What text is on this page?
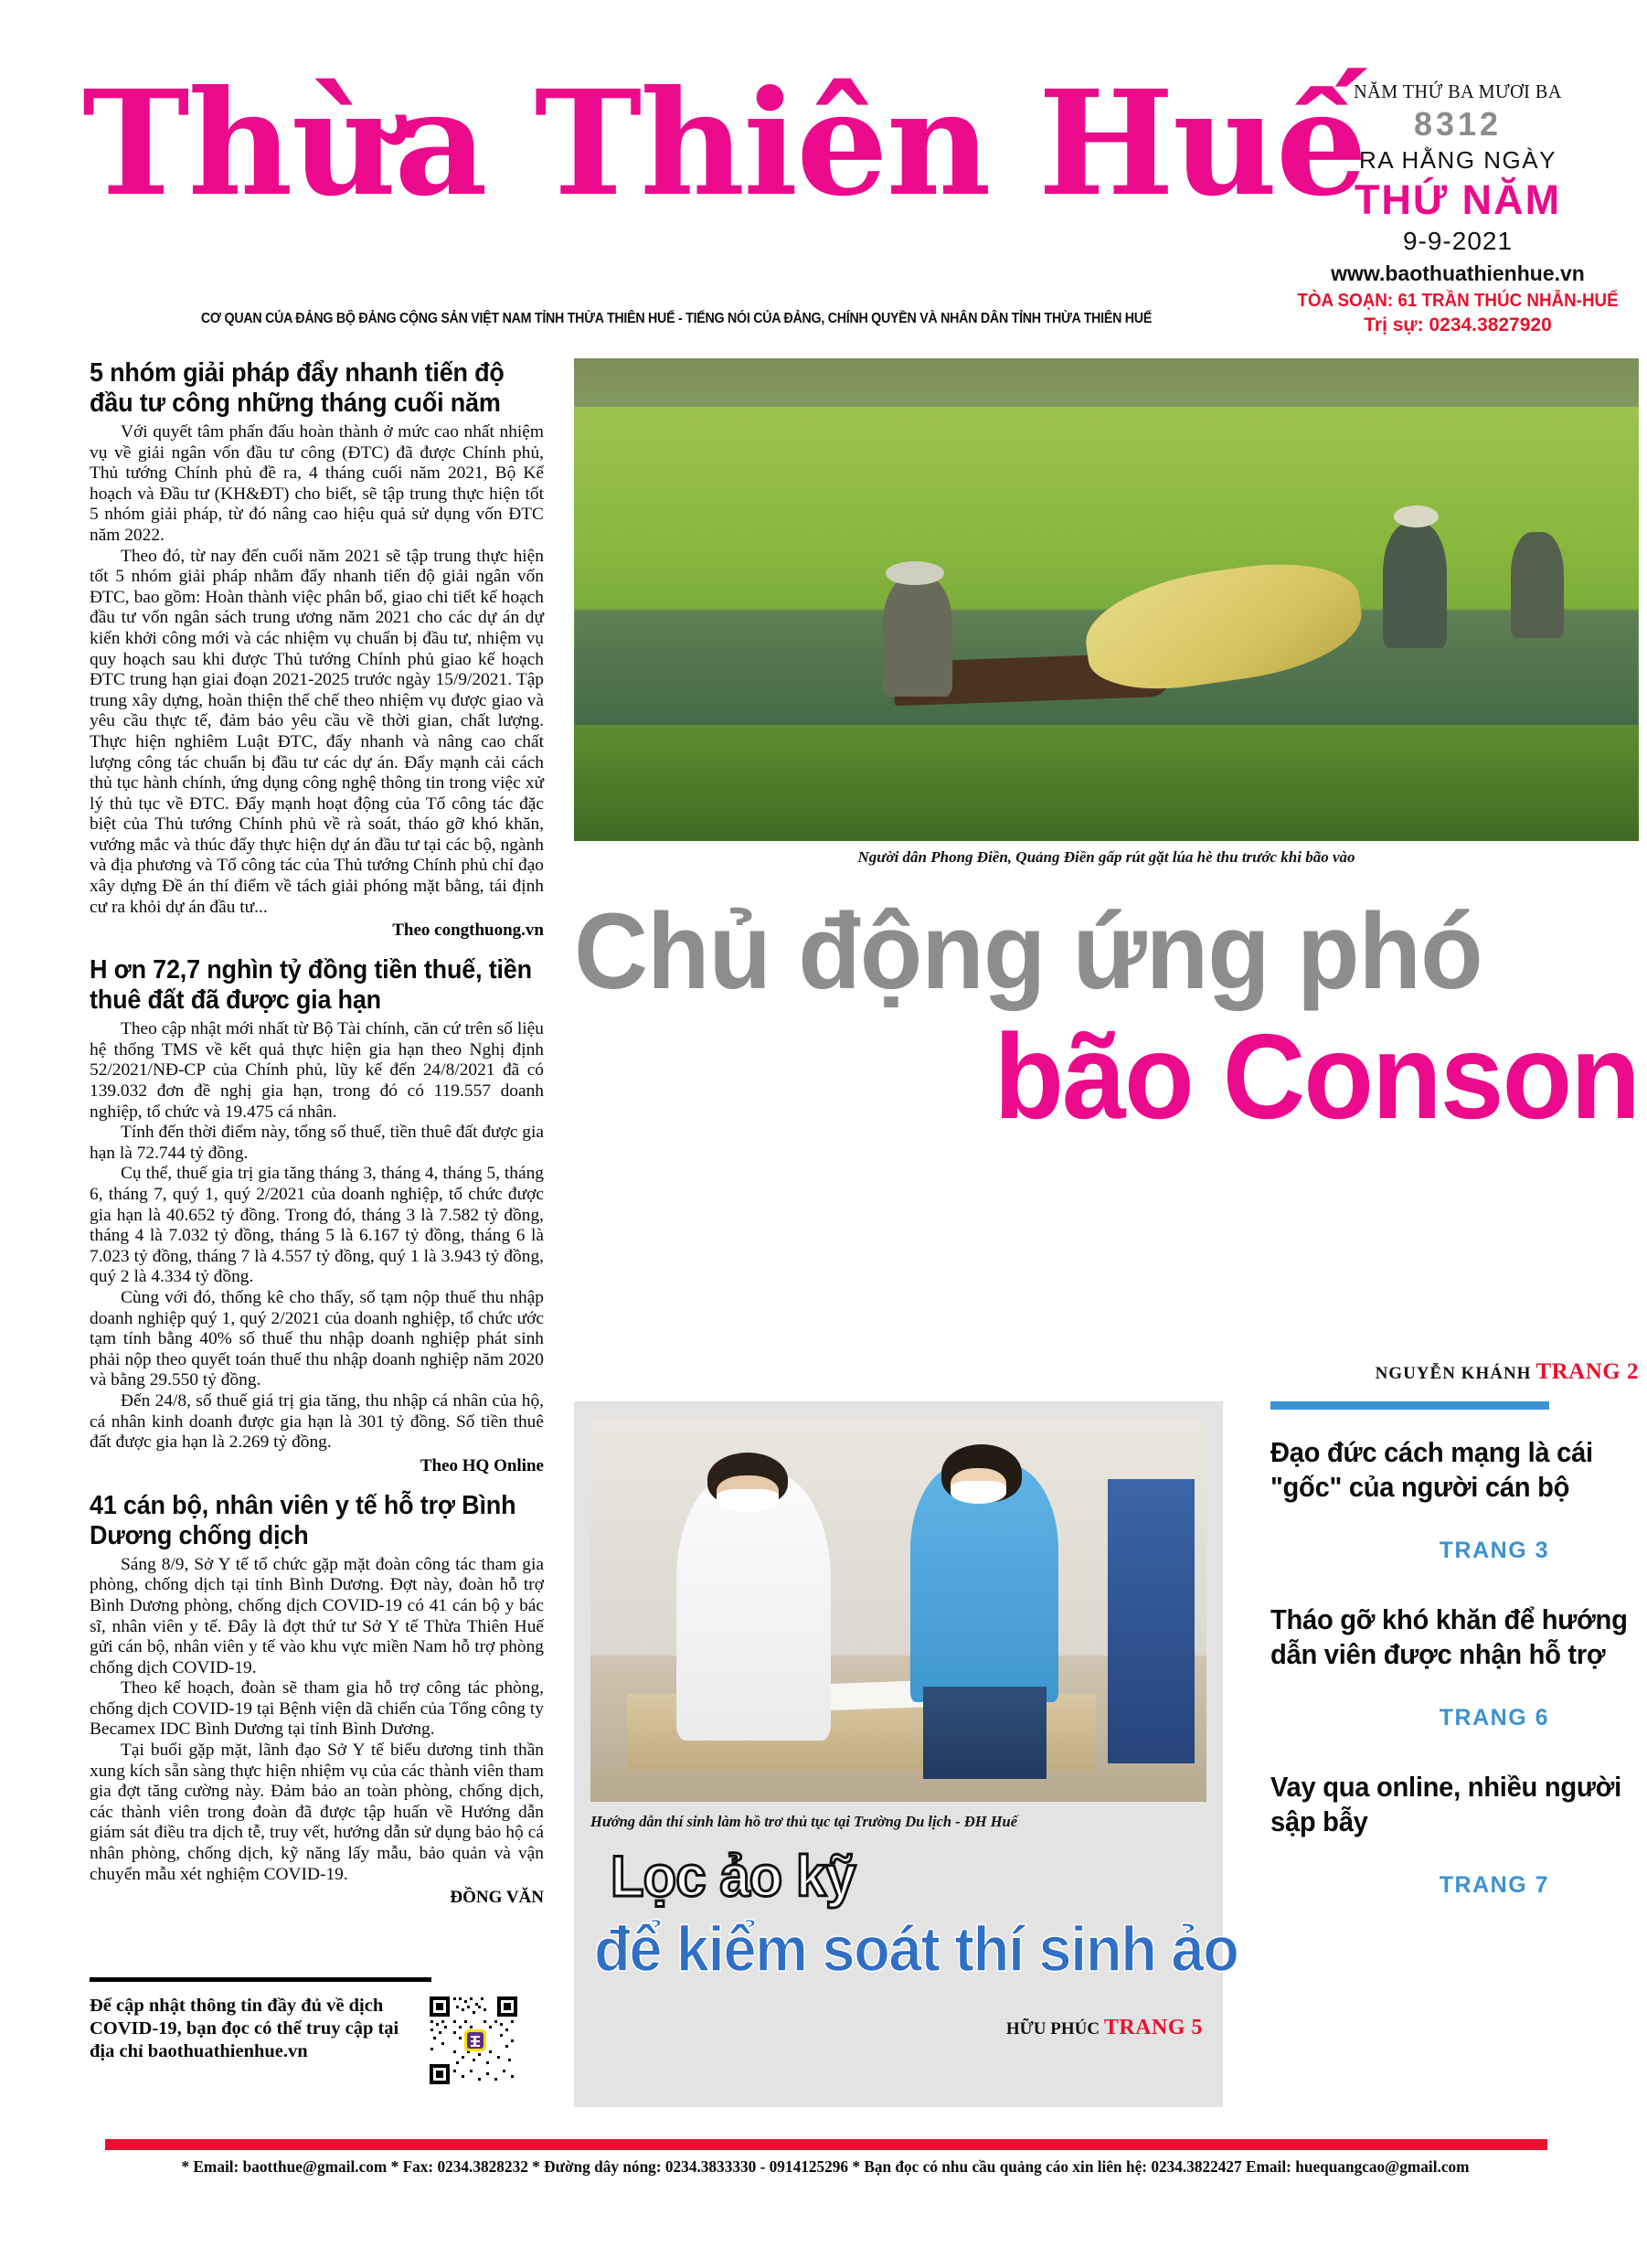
Thừa Thiên Huế
CƠ QUAN CỦA ĐẢNG BỘ ĐẢNG CỘNG SẢN VIỆT NAM TỈNH THỪA THIÊN HUẾ - TIẾNG NÓI CỦA ĐẢNG, CHÍNH QUYỀN VÀ NHÂN DÂN TỈNH THỪA THIÊN HUẾ
NĂM THỨ BA MƯƠI BA
8312
RA HẰNG NGÀY
THỨ NĂM
9-9-2021
www.baothuathienhue.vn
TÒA SOẠN: 61 TRẦN THÚC NHẪN-HUẾ
Trị sự: 0234.3827920
5 nhóm giải pháp đẩy nhanh tiến độ đầu tư công những tháng cuối năm

Với quyết tâm phấn đấu hoàn thành ở mức cao nhất nhiệm vụ về giải ngân vốn đầu tư công (ĐTC) đã được Chính phủ, Thủ tướng Chính phủ đề ra, 4 tháng cuối năm 2021, Bộ Kế hoạch và Đầu tư (KH&ĐT) cho biết, sẽ tập trung thực hiện tốt 5 nhóm giải pháp, từ đó nâng cao hiệu quả sử dụng vốn ĐTC năm 2022.

Theo đó, từ nay đến cuối năm 2021 sẽ tập trung thực hiện tốt 5 nhóm giải pháp nhằm đẩy nhanh tiến độ giải ngân vốn ĐTC, bao gồm: Hoàn thành việc phân bổ, giao chi tiết kế hoạch đầu tư vốn ngân sách trung ương năm 2021 cho các dự án dự kiến khởi công mới và các nhiệm vụ chuẩn bị đầu tư, nhiệm vụ quy hoạch sau khi được Thủ tướng Chính phủ giao kế hoạch ĐTC trung hạn giai đoạn 2021-2025 trước ngày 15/9/2021. Tập trung xây dựng, hoàn thiện thể chế theo nhiệm vụ được giao và yêu cầu thực tế, đảm bảo yêu cầu về thời gian, chất lượng. Thực hiện nghiêm Luật ĐTC, đẩy nhanh và nâng cao chất lượng công tác chuẩn bị đầu tư các dự án. Đẩy mạnh cải cách thủ tục hành chính, ứng dụng công nghệ thông tin trong việc xử lý thủ tục về ĐTC. Đẩy mạnh hoạt động của Tổ công tác đặc biệt của Thủ tướng Chính phủ về rà soát, tháo gỡ khó khăn, vướng mắc và thúc đẩy thực hiện dự án đầu tư tại các bộ, ngành và địa phương và Tổ công tác của Thủ tướng Chính phủ chỉ đạo xây dựng Đề án thí điểm về tách giải phóng mặt bằng, tái định cư ra khỏi dự án đầu tư...

Theo congthuong.vn
H ơn 72,7 nghìn tỷ đồng tiền thuế, tiền thuê đất đã được gia hạn

Theo cập nhật mới nhất từ Bộ Tài chính, căn cứ trên số liệu hệ thống TMS về kết quả thực hiện gia hạn theo Nghị định 52/2021/NĐ-CP của Chính phủ, lũy kế đến 24/8/2021 đã có 139.032 đơn đề nghị gia hạn, trong đó có 119.557 doanh nghiệp, tổ chức và 19.475 cá nhân.

Tính đến thời điểm này, tổng số thuế, tiền thuê đất được gia hạn là 72.744 tỷ đồng.

Cụ thể, thuế gia trị gia tăng tháng 3, tháng 4, tháng 5, tháng 6, tháng 7, quý 1, quý 2/2021 của doanh nghiệp, tổ chức được gia hạn là 40.652 tỷ đồng. Trong đó, tháng 3 là 7.582 tỷ đồng, tháng 4 là 7.032 tỷ đồng, tháng 5 là 6.167 tỷ đồng, tháng 6 là 7.023 tỷ đồng, tháng 7 là 4.557 tỷ đồng, quý 1 là 3.943 tỷ đồng, quý 2 là 4.334 tỷ đồng.

Cùng với đó, thống kê cho thấy, số tạm nộp thuế thu nhập doanh nghiệp quý 1, quý 2/2021 của doanh nghiệp, tổ chức ước tạm tính bằng 40% số thuế thu nhập doanh nghiệp phát sinh phải nộp theo quyết toán thuế thu nhập doanh nghiệp năm 2020 và bằng 29.550 tỷ đồng.

Đến 24/8, số thuế giá trị gia tăng, thu nhập cá nhân của hộ, cá nhân kinh doanh được gia hạn là 301 tỷ đồng. Số tiền thuê đất được gia hạn là 2.269 tỷ đồng.

Theo HQ Online
41 cán bộ, nhân viên y tế hỗ trợ Bình Dương chống dịch

Sáng 8/9, Sở Y tế tổ chức gặp mặt đoàn công tác tham gia phòng, chống dịch tại tỉnh Bình Dương. Đợt này, đoàn hỗ trợ Bình Dương phòng, chống dịch COVID-19 có 41 cán bộ y bác sĩ, nhân viên y tế. Đây là đợt thứ tư Sở Y tế Thừa Thiên Huế gửi cán bộ, nhân viên y tế vào khu vực miền Nam hỗ trợ phòng chống dịch COVID-19.

Theo kế hoạch, đoàn sẽ tham gia hỗ trợ công tác phòng, chống dịch COVID-19 tại Bệnh viện dã chiến của Tổng công ty Becamex IDC Bình Dương tại tỉnh Bình Dương.

Tại buổi gặp mặt, lãnh đạo Sở Y tế biểu dương tinh thần xung kích sẵn sàng thực hiện nhiệm vụ của các thành viên tham gia đợt tăng cường này. Đảm bảo an toàn phòng, chống dịch, các thành viên trong đoàn đã được tập huấn về Hướng dẫn giám sát điều tra dịch tễ, truy vết, hướng dẫn sử dụng bảo hộ cá nhân phòng, chống dịch, kỹ năng lấy mẫu, bảo quản và vận chuyển mẫu xét nghiệm COVID-19.

ĐỒNG VĂN
Để cập nhật thông tin đầy đủ về dịch COVID-19, bạn đọc có thể truy cập tại địa chỉ baothuathienhue.vn
Người dân Phong Điền, Quảng Điền gấp rút gặt lúa hè thu trước khi bão vào
Chủ động ứng phó
bão Conson
NGUYỄN KHÁNH TRANG 2
Hướng dẫn thí sinh làm hồ trơ thủ tục tại Trường Du lịch - ĐH Huế
Lọc ảo kỹ
để kiểm soát thí sinh ảo
HỮU PHÚC TRANG 5
Đạo đức cách mạng là cái "gốc" của người cán bộ
TRANG 3
Tháo gỡ khó khăn để hướng dẫn viên được nhận hỗ trợ
TRANG 6
Vay qua online, nhiều người sập bẫy
TRANG 7
* Email: baotthue@gmail.com * Fax: 0234.3828232 * Đường dây nóng: 0234.3833330 - 0914125296 * Bạn đọc có nhu cầu quảng cáo xin liên hệ: 0234.3822427 Email: huequangcao@gmail.com
